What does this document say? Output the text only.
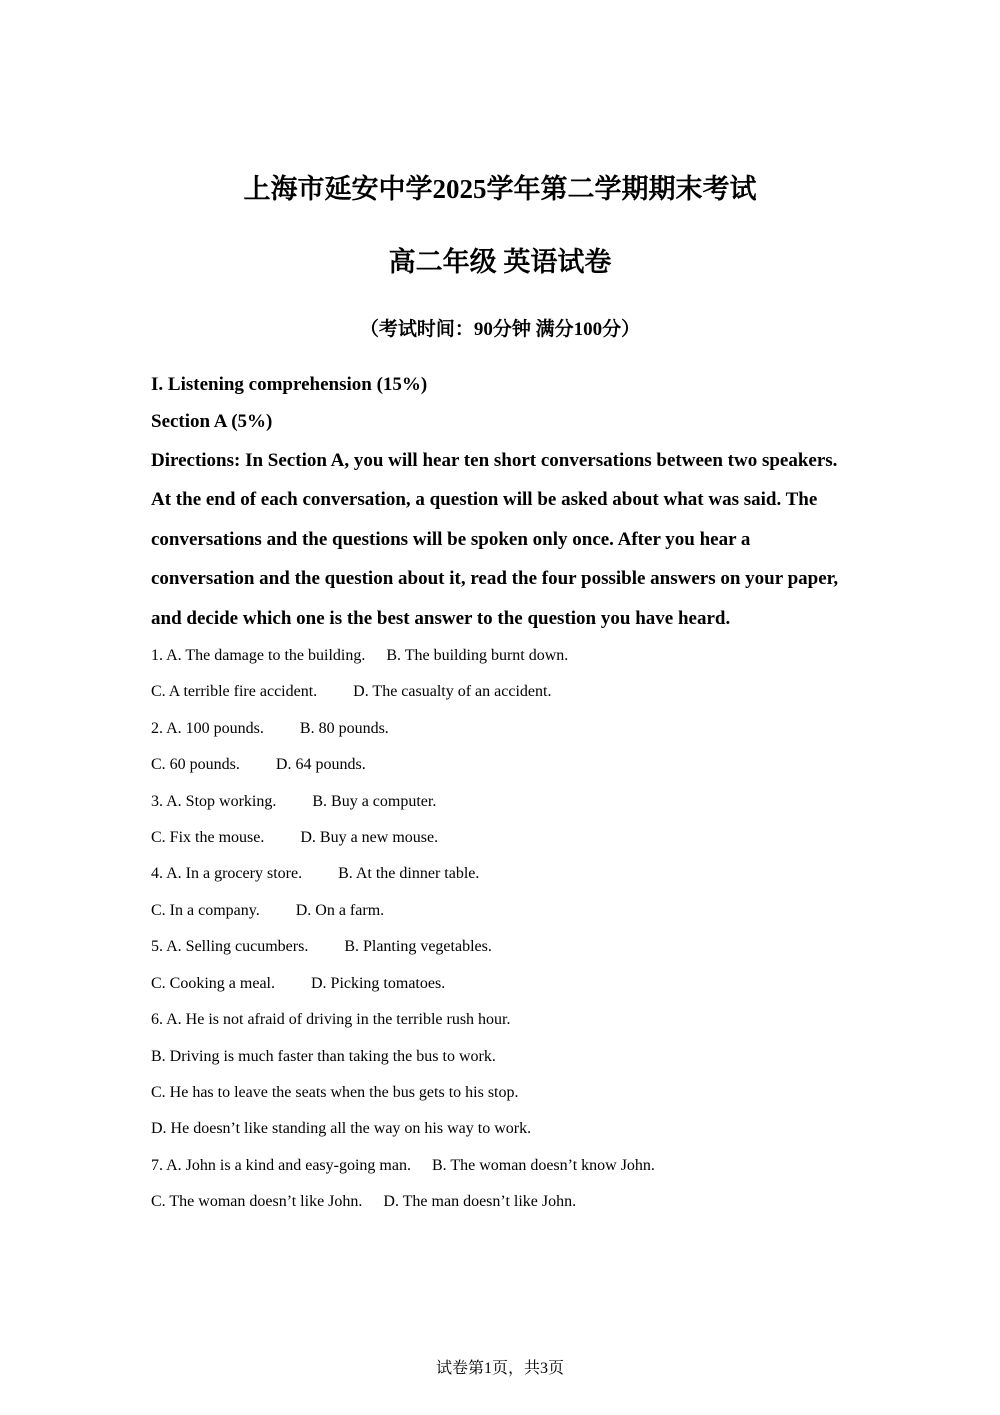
上海市延安中学2025学年第二学期期末考试
高二年级 英语试卷
（考试时间：90分钟 满分100分）
I. Listening comprehension (15%)
Section A (5%)
Directions: In Section A, you will hear ten short conversations between two speakers. At the end of each conversation, a question will be asked about what was said. The conversations and the questions will be spoken only once. After you hear a conversation and the question about it, read the four possible answers on your paper, and decide which one is the best answer to the question you have heard.
1. A. The damage to the building. B. The building burnt down.
C. A terrible fire accident. D. The casualty of an accident.
2. A. 100 pounds. B. 80 pounds.
C. 60 pounds. D. 64 pounds.
3. A. Stop working. B. Buy a computer.
C. Fix the mouse. D. Buy a new mouse.
4. A. In a grocery store. B. At the dinner table.
C. In a company. D. On a farm.
5. A. Selling cucumbers. B. Planting vegetables.
C. Cooking a meal. D. Picking tomatoes.
6. A. He is not afraid of driving in the terrible rush hour.
B. Driving is much faster than taking the bus to work.
C. He has to leave the seats when the bus gets to his stop.
D. He doesn’t like standing all the way on his way to work.
7. A. John is a kind and easy-going man. B. The woman doesn’t know John.
C. The woman doesn’t like John. D. The man doesn’t like John.
试卷第1页，共3页
